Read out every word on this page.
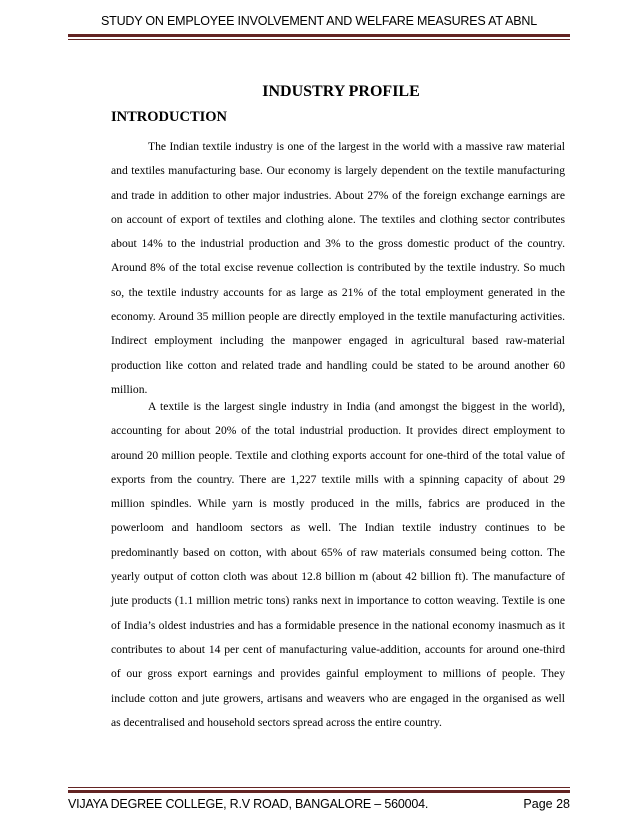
STUDY ON EMPLOYEE INVOLVEMENT AND WELFARE MEASURES AT ABNL
INDUSTRY PROFILE
INTRODUCTION

The Indian textile industry is one of the largest in the world with a massive raw material and textiles manufacturing base. Our economy is largely dependent on the textile manufacturing and trade in addition to other major industries. About 27% of the foreign exchange earnings are on account of export of textiles and clothing alone. The textiles and clothing sector contributes about 14% to the industrial production and 3% to the gross domestic product of the country. Around 8% of the total excise revenue collection is contributed by the textile industry. So much so, the textile industry accounts for as large as 21% of the total employment generated in the economy. Around 35 million people are directly employed in the textile manufacturing activities. Indirect employment including the manpower engaged in agricultural based raw-material production like cotton and related trade and handling could be stated to be around another 60 million.

A textile is the largest single industry in India (and amongst the biggest in the world), accounting for about 20% of the total industrial production. It provides direct employment to around 20 million people. Textile and clothing exports account for one-third of the total value of exports from the country. There are 1,227 textile mills with a spinning capacity of about 29 million spindles. While yarn is mostly produced in the mills, fabrics are produced in the powerloom and handloom sectors as well. The Indian textile industry continues to be predominantly based on cotton, with about 65% of raw materials consumed being cotton. The yearly output of cotton cloth was about 12.8 billion m (about 42 billion ft). The manufacture of jute products (1.1 million metric tons) ranks next in importance to cotton weaving. Textile is one of India’s oldest industries and has a formidable presence in the national economy inasmuch as it contributes to about 14 per cent of manufacturing value-addition, accounts for around one-third of our gross export earnings and provides gainful employment to millions of people. They include cotton and jute growers, artisans and weavers who are engaged in the organised as well as decentralised and household sectors spread across the entire country.

VIJAYA DEGREE COLLEGE, R.V ROAD, BANGALORE – 560004.	Page 28
